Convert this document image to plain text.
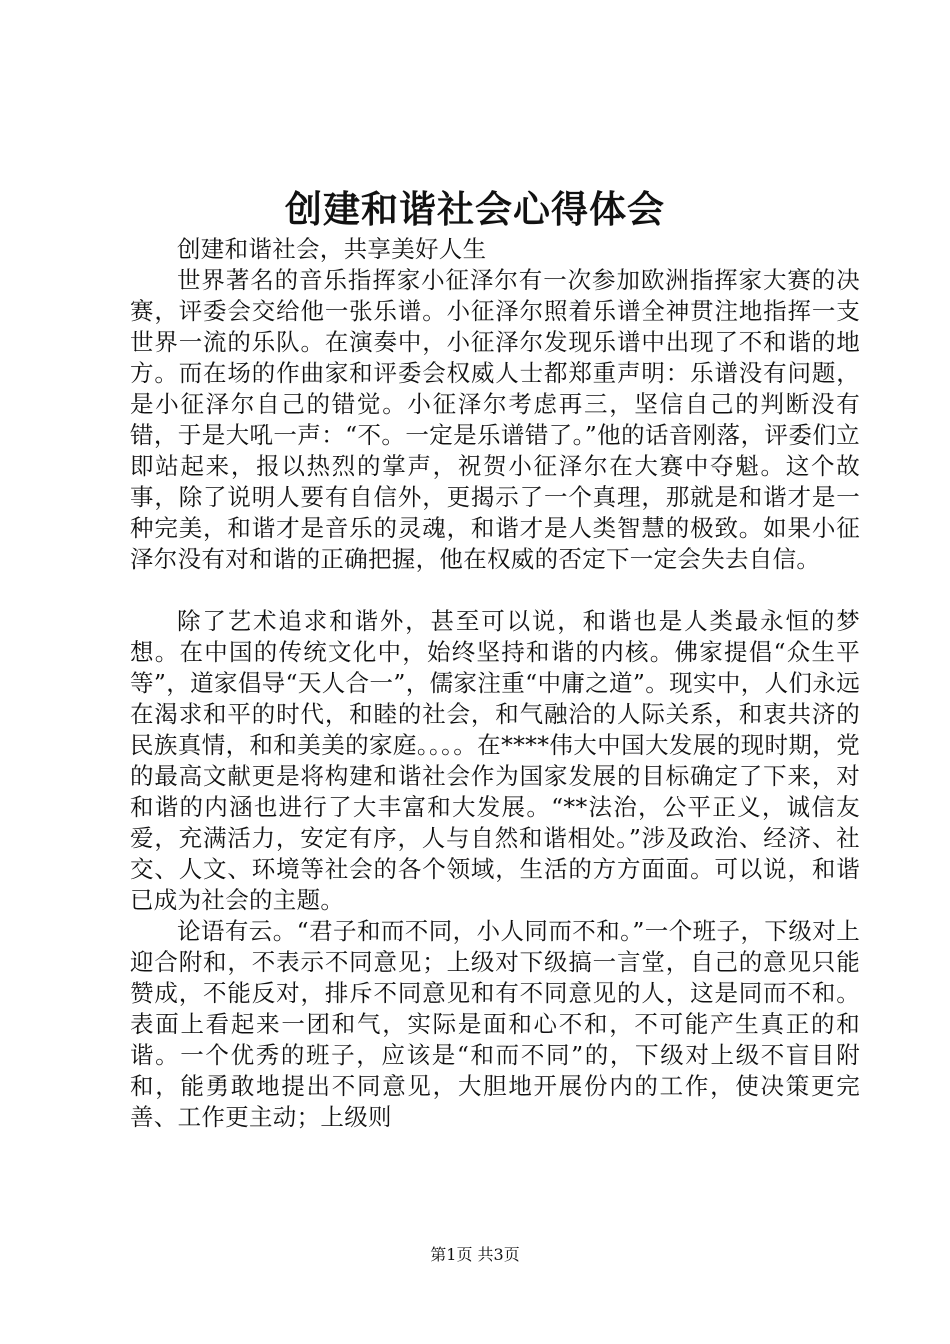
创建和谐社会心得体会

创建和谐社会，共享美好人生

世界著名的音乐指挥家小征泽尔有一次参加欧洲指挥家大赛的决赛，评委会交给他一张乐谱。小征泽尔照着乐谱全神贯注地指挥一支世界一流的乐队。在演奏中，小征泽尔发现乐谱中出现了不和谐的地方。而在场的作曲家和评委会权威人士都郑重声明：乐谱没有问题，是小征泽尔自己的错觉。小征泽尔考虑再三，坚信自己的判断没有错，于是大吼一声：“不。一定是乐谱错了。”他的话音刚落，评委们立即站起来，报以热烈的掌声，祝贺小征泽尔在大赛中夺魁。这个故事，除了说明人要有自信外，更揭示了一个真理，那就是和谐才是一种完美，和谐才是音乐的灵魂，和谐才是人类智慧的极致。如果小征泽尔没有对和谐的正确把握，他在权威的否定下一定会失去自信。

除了艺术追求和谐外，甚至可以说，和谐也是人类最永恒的梦想。在中国的传统文化中，始终坚持和谐的内核。佛家提倡“众生平等”，道家倡导“天人合一”，儒家注重“中庸之道”。现实中，人们永远在渴求和平的时代，和睦的社会，和气融洽的人际关系，和衷共济的民族真情，和和美美的家庭。。。。在****伟大中国大发展的现时期，党的最高文献更是将构建和谐社会作为国家发展的目标确定了下来，对和谐的内涵也进行了大丰富和大发展。“**法治，公平正义，诚信友爱，充满活力，安定有序，人与自然和谐相处。”涉及政治、经济、社交、人文、环境等社会的各个领域，生活的方方面面。可以说，和谐已成为社会的主题。

论语有云。“君子和而不同，小人同而不和。”一个班子，下级对上迎合附和，不表示不同意见；上级对下级搞一言堂，自己的意见只能赞成，不能反对，排斥不同意见和有不同意见的人，这是同而不和。表面上看起来一团和气，实际是面和心不和，不可能产生真正的和谐。一个优秀的班子，应该是“和而不同”的，下级对上级不盲目附和，能勇敢地提出不同意见，大胆地开展份内的工作，使决策更完善、工作更主动；上级则

第1页 共3页
